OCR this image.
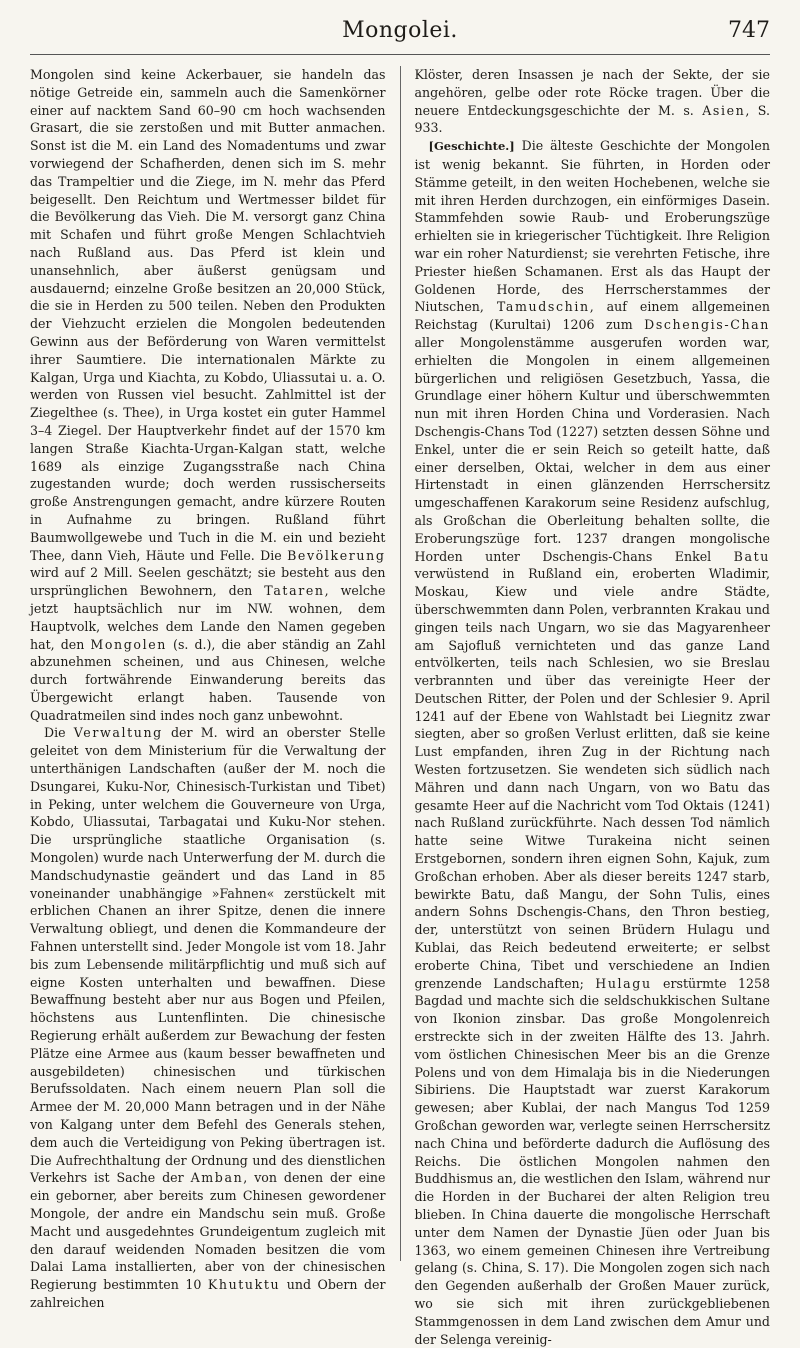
Mongolei.	747

Mongolen sind keine Ackerbauer, sie handeln das nötige Getreide ein, sammeln auch die Samenkörner einer auf nacktem Sand 60–90 cm hoch wachsenden Grasart, die sie zerstoßen und mit Butter anmachen. Sonst ist die M. ein Land des Nomadentums und zwar vorwiegend der Schafherden, denen sich im S. mehr das Trampeltier und die Ziege, im N. mehr das Pferd beigesellt. Den Reichtum und Wertmesser bildet für die Bevölkerung das Vieh. Die M. versorgt ganz China mit Schafen und führt große Mengen Schlachtvieh nach Rußland aus. Das Pferd ist klein und unansehnlich, aber äußerst genügsam und ausdauernd; einzelne Große besitzen an 20,000 Stück, die sie in Herden zu 500 teilen. Neben den Produkten der Viehzucht erzielen die Mongolen bedeutenden Gewinn aus der Beförderung von Waren vermittelst ihrer Saumtiere. Die internationalen Märkte zu Kalgan, Urga und Kiachta, zu Kobdo, Uliassutai u. a. O. werden von Russen viel besucht. Zahlmittel ist der Ziegelthee (s. Thee), in Urga kostet ein guter Hammel 3–4 Ziegel. Der Hauptverkehr findet auf der 1570 km langen Straße Kiachta-Urgan-Kalgan statt, welche 1689 als einzige Zugangsstraße nach China zugestanden wurde; doch werden russischerseits große Anstrengungen gemacht, andre kürzere Routen in Aufnahme zu bringen. Rußland führt Baumwollgewebe und Tuch in die M. ein und bezieht Thee, dann Vieh, Häute und Felle. Die Bevölkerung wird auf 2 Mill. Seelen geschätzt; sie besteht aus den ursprünglichen Bewohnern, den Tataren, welche jetzt hauptsächlich nur im NW. wohnen, dem Hauptvolk, welches dem Lande den Namen gegeben hat, den Mongolen (s. d.), die aber ständig an Zahl abzunehmen scheinen, und aus Chinesen, welche durch fortwährende Einwanderung bereits das Übergewicht erlangt haben. Tausende von Quadratmeilen sind indes noch ganz unbewohnt.

Die Verwaltung der M. wird an oberster Stelle geleitet von dem Ministerium für die Verwaltung der unterthänigen Landschaften (außer der M. noch die Dsungarei, Kuku-Nor, Chinesisch-Turkistan und Tibet) in Peking, unter welchem die Gouverneure von Urga, Kobdo, Uliassutai, Tarbagatai und Kuku-Nor stehen. Die ursprüngliche staatliche Organisation (s. Mongolen) wurde nach Unterwerfung der M. durch die Mandschudynastie geändert und das Land in 85 voneinander unabhängige »Fahnen« zerstückelt mit erblichen Chanen an ihrer Spitze, denen die innere Verwaltung obliegt, und denen die Kommandeure der Fahnen unterstellt sind. Jeder Mongole ist vom 18. Jahr bis zum Lebensende militärpflichtig und muß sich auf eigne Kosten unterhalten und bewaffnen. Diese Bewaffnung besteht aber nur aus Bogen und Pfeilen, höchstens aus Luntenflinten. Die chinesische Regierung erhält außerdem zur Bewachung der festen Plätze eine Armee aus (kaum besser bewaffneten und ausgebildeten) chinesischen und türkischen Berufssoldaten. Nach einem neuern Plan soll die Armee der M. 20,000 Mann betragen und in der Nähe von Kalgang unter dem Befehl des Generals stehen, dem auch die Verteidigung von Peking übertragen ist. Die Aufrechthaltung der Ordnung und des dienstlichen Verkehrs ist Sache der Amban, von denen der eine ein geborner, aber bereits zum Chinesen gewordener Mongole, der andre ein Mandschu sein muß. Große Macht und ausgedehntes Grundeigentum zugleich mit den darauf weidenden Nomaden besitzen die vom Dalai Lama installierten, aber von der chinesischen Regierung bestimmten 10 Khutuktu und Obern der zahlreichen

Klöster, deren Insassen je nach der Sekte, der sie angehören, gelbe oder rote Röcke tragen. Über die neuere Entdeckungsgeschichte der M. s. Asien, S. 933.

[Geschichte.] Die älteste Geschichte der Mongolen ist wenig bekannt. Sie führten, in Horden oder Stämme geteilt, in den weiten Hochebenen, welche sie mit ihren Herden durchzogen, ein einförmiges Dasein. Stammfehden sowie Raub- und Eroberungszüge erhielten sie in kriegerischer Tüchtigkeit. Ihre Religion war ein roher Naturdienst; sie verehrten Fetische, ihre Priester hießen Schamanen. Erst als das Haupt der Goldenen Horde, des Herrscherstammes der Niutschen, Tamudschin, auf einem allgemeinen Reichstag (Kurultai) 1206 zum Dschengis-Chan aller Mongolenstämme ausgerufen worden war, erhielten die Mongolen in einem allgemeinen bürgerlichen und religiösen Gesetzbuch, Yassa, die Grundlage einer höhern Kultur und überschwemmten nun mit ihren Horden China und Vorderasien. Nach Dschengis-Chans Tod (1227) setzten dessen Söhne und Enkel, unter die er sein Reich so geteilt hatte, daß einer derselben, Oktai, welcher in dem aus einer Hirtenstadt in einen glänzenden Herrschersitz umgeschaffenen Karakorum seine Residenz aufschlug, als Großchan die Oberleitung behalten sollte, die Eroberungszüge fort. 1237 drangen mongolische Horden unter Dschengis-Chans Enkel Batu verwüstend in Rußland ein, eroberten Wladimir, Moskau, Kiew und viele andre Städte, überschwemmten dann Polen, verbrannten Krakau und gingen teils nach Ungarn, wo sie das Magyarenheer am Sajofluß vernichteten und das ganze Land entvölkerten, teils nach Schlesien, wo sie Breslau verbrannten und über das vereinigte Heer der Deutschen Ritter, der Polen und der Schlesier 9. April 1241 auf der Ebene von Wahlstadt bei Liegnitz zwar siegten, aber so großen Verlust erlitten, daß sie keine Lust empfanden, ihren Zug in der Richtung nach Westen fortzusetzen. Sie wendeten sich südlich nach Mähren und dann nach Ungarn, von wo Batu das gesamte Heer auf die Nachricht vom Tod Oktais (1241) nach Rußland zurückführte. Nach dessen Tod nämlich hatte seine Witwe Turakeina nicht seinen Erstgebornen, sondern ihren eignen Sohn, Kajuk, zum Großchan erhoben. Aber als dieser bereits 1247 starb, bewirkte Batu, daß Mangu, der Sohn Tulis, eines andern Sohns Dschengis-Chans, den Thron bestieg, der, unterstützt von seinen Brüdern Hulagu und Kublai, das Reich bedeutend erweiterte; er selbst eroberte China, Tibet und verschiedene an Indien grenzende Landschaften; Hulagu erstürmte 1258 Bagdad und machte sich die seldschukkischen Sultane von Ikonion zinsbar. Das große Mongolenreich erstreckte sich in der zweiten Hälfte des 13. Jahrh. vom östlichen Chinesischen Meer bis an die Grenze Polens und von dem Himalaja bis in die Niederungen Sibiriens. Die Hauptstadt war zuerst Karakorum gewesen; aber Kublai, der nach Mangus Tod 1259 Großchan geworden war, verlegte seinen Herrschersitz nach China und beförderte dadurch die Auflösung des Reichs. Die östlichen Mongolen nahmen den Buddhismus an, die westlichen den Islam, während nur die Horden in der Bucharei der alten Religion treu blieben. In China dauerte die mongolische Herrschaft unter dem Namen der Dynastie Jüen oder Juan bis 1363, wo einem gemeinen Chinesen ihre Vertreibung gelang (s. China, S. 17). Die Mongolen zogen sich nach den Gegenden außerhalb der Großen Mauer zurück, wo sie sich mit ihren zurückgebliebenen Stammgenossen in dem Land zwischen dem Amur und der Selenga vereinig-
